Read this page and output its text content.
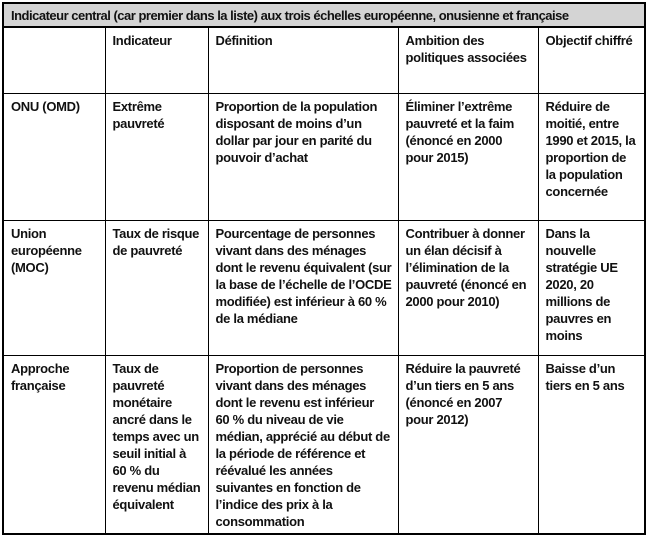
Indicateur central (car premier dans la liste) aux trois échelles européenne, onusienne et française
	Indicateur	Définition	Ambition des politiques associées	Objectif chiffré
ONU (OMD)	Extrême pauvreté	Proportion de la population disposant de moins d’un dollar par jour en parité du pouvoir d’achat	Éliminer l’extrême pauvreté et la faim (énoncé en 2000 pour 2015)	Réduire de moitié, entre 1990 et 2015, la proportion de la population concernée
Union européenne (MOC)	Taux de risque de pauvreté	Pourcentage de personnes vivant dans des ménages dont le revenu équivalent (sur la base de l’échelle de l’OCDE modifiée) est inférieur à 60 % de la médiane	Contribuer à donner un élan décisif à l’élimination de la pauvreté (énoncé en 2000 pour 2010)	Dans la nouvelle stratégie UE 2020, 20 millions de pauvres en moins
Approche française	Taux de pauvreté monétaire ancré dans le temps avec un seuil initial à 60 % du revenu médian équivalent	Proportion de personnes vivant dans des ménages dont le revenu est inférieur 60 % du niveau de vie médian, apprécié au début de la période de référence et réévalué les années suivantes en fonction de l’indice des prix à la consommation	Réduire la pauvreté d’un tiers en 5 ans (énoncé en 2007 pour 2012)	Baisse d’un tiers en 5 ans
